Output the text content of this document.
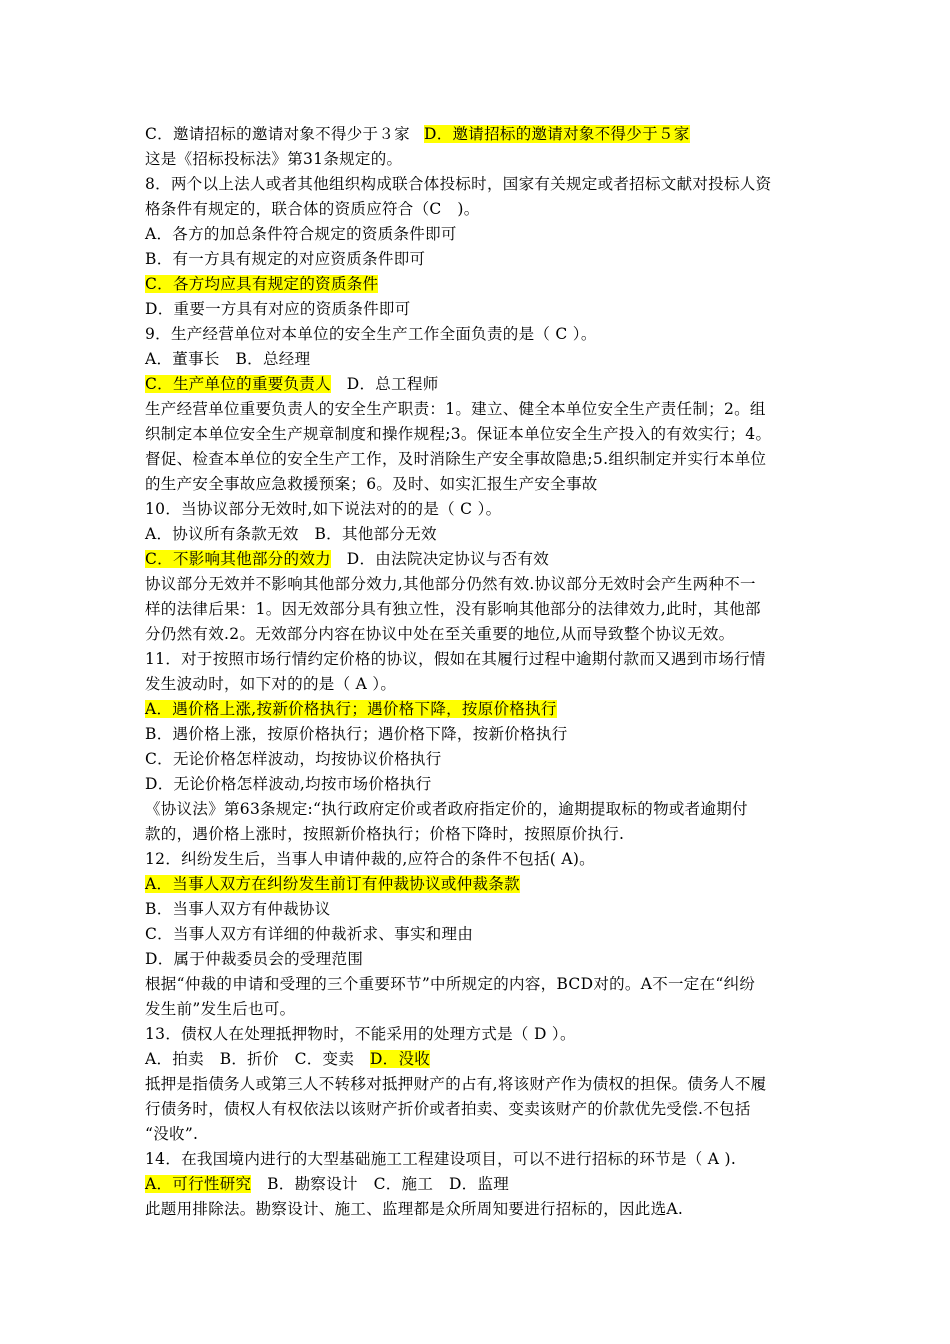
C．邀请招标的邀请对象不得少于３家 D．邀请招标的邀请对象不得少于５家
这是《招标投标法》第31条规定的。
8．两个以上法人或者其他组织构成联合体投标时，国家有关规定或者招标文献对投标人资
格条件有规定的，联合体的资质应符合（C　)。
A．各方的加总条件符合规定的资质条件即可
B．有一方具有规定的对应资质条件即可
C．各方均应具有规定的资质条件
D．重要一方具有对应的资质条件即可
9．生产经营单位对本单位的安全生产工作全面负责的是（ C ）。
A．董事长　B．总经理
C．生产单位的重要负责人　D．总工程师
生产经营单位重要负责人的安全生产职责：1。建立、健全本单位安全生产责任制；2。组
织制定本单位安全生产规章制度和操作规程;3。保证本单位安全生产投入的有效实行；4。
督促、检查本单位的安全生产工作，及时消除生产安全事故隐患;5.组织制定并实行本单位
的生产安全事故应急救援预案；6。及时、如实汇报生产安全事故
10．当协议部分无效时,如下说法对的的是（ C ）。
A．协议所有条款无效　B．其他部分无效
C．不影响其他部分的效力　D．由法院决定协议与否有效
协议部分无效并不影响其他部分效力,其他部分仍然有效.协议部分无效时会产生两种不一
样的法律后果：1。因无效部分具有独立性，没有影响其他部分的法律效力,此时，其他部
分仍然有效.2。无效部分内容在协议中处在至关重要的地位,从而导致整个协议无效。
11．对于按照市场行情约定价格的协议，假如在其履行过程中逾期付款而又遇到市场行情
发生波动时，如下对的的是（ A ）。
A．遇价格上涨,按新价格执行；遇价格下降，按原价格执行
B．遇价格上涨，按原价格执行；遇价格下降，按新价格执行
C．无论价格怎样波动，均按协议价格执行
D．无论价格怎样波动,均按市场价格执行
《协议法》第63条规定:“执行政府定价或者政府指定价的，逾期提取标的物或者逾期付
款的，遇价格上涨时，按照新价格执行；价格下降时，按照原价执行.
12．纠纷发生后，当事人申请仲裁的,应符合的条件不包括( A)。
A．当事人双方在纠纷发生前订有仲裁协议或仲裁条款
B．当事人双方有仲裁协议
C．当事人双方有详细的仲裁祈求、事实和理由
D．属于仲裁委员会的受理范围
根据“仲裁的申请和受理的三个重要环节”中所规定的内容，BCD对的。A不一定在“纠纷
发生前”发生后也可。
13．债权人在处理抵押物时，不能采用的处理方式是（ D ）。
A．拍卖　B．折价　C．变卖　D．没收
抵押是指债务人或第三人不转移对抵押财产的占有,将该财产作为债权的担保。债务人不履
行债务时，债权人有权依法以该财产折价或者拍卖、变卖该财产的价款优先受偿.不包括
“没收”.
14．在我国境内进行的大型基础施工工程建设项目，可以不进行招标的环节是（ A ).
A．可行性研究　B．勘察设计　C．施工　D．监理
此题用排除法。勘察设计、施工、监理都是众所周知要进行招标的，因此选A.
